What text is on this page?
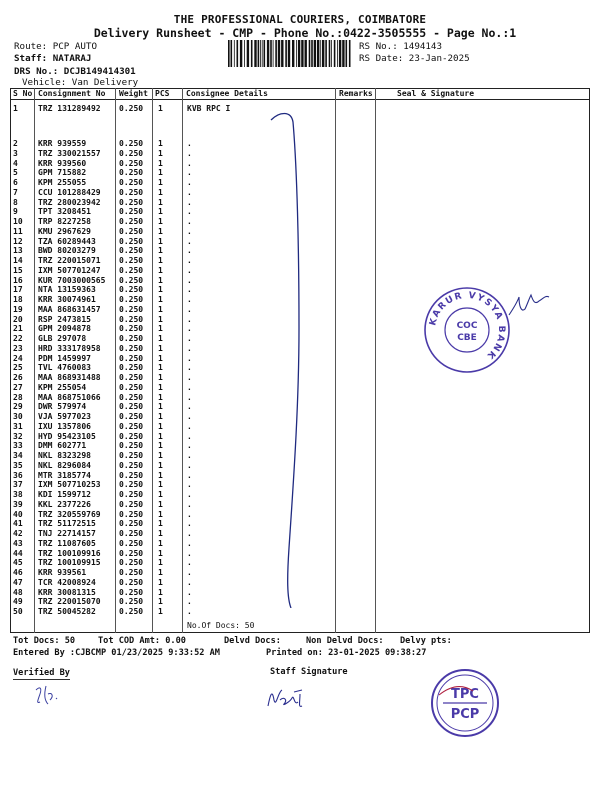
THE PROFESSIONAL COURIERS, COIMBATORE
Delivery Runsheet - CMP - Phone No.:0422-3505555 - Page No.:1
Route: PCP AUTO
Staff: NATARAJ
DRS No.: DCJB149414301
Vehicle: Van Delivery
RS No.: 1494143
RS Date: 23-Jan-2025
S No Consignment No Weight PCS Consignee Details	Remarks	Seal & Signature
1	TRZ 131289492 0.250 1	KVB RPC I
2	KRR 939559	0.250 1	.
3	TRZ 330021557 0.250 1	.
4	KRR 939560	0.250 1	.
5	GPM 715882	0.250 1	.
6	KPM 255055	0.250 1	.
7	CCU 101288429 0.250 1	.
8	TRZ 280023942 0.250 1	.
9	TPT 3208451	0.250 1	.
10 TRP 8227258	0.250 1	.
11 KMU 2967629	0.250 1	.
12 TZA 60289443	0.250 1	.
13 BWD 80203279	0.250 1	.
14 TRZ 220015071 0.250 1	.
15 IXM 507701247 0.250 1	.
16 KUR 7003000565 0.250 1	.
17 NTA 13159363	0.250 1	.
18 KRR 30074961	0.250 1	.
19 MAA 868631457 0.250 1	.
20 RSP 2473815	0.250 1	.
21 GPM 2094878	0.250 1	.
22 GLB 297078	0.250 1	.
23 HRD 333178958 0.250 1	.
24 PDM 1459997	0.250 1	.
25 TVL 4760083	0.250 1	.
26 MAA 868931488 0.250 1	.
27 KPM 255054	0.250 1	.
28 MAA 868751066 0.250 1	.
29 DWR 579974	0.250 1	.
30 VJA 5977023	0.250 1	.
31 IXU 1357806	0.250 1	.
32 HYD 95423105	0.250 1	.
33 DMM 602771	0.250 1	.
34 NKL 8323298	0.250 1	.
35 NKL 8296084	0.250 1	.
36 MTR 3185774	0.250 1	.
37 IXM 507710253 0.250 1	.
38 KDI 1599712	0.250 1	.
39 KKL 2377226	0.250 1	.
40 TRZ 320559769 0.250 1	.
41 TRZ 51172515	0.250 1	.
42 TNJ 22714157	0.250 1	.
43 TRZ 11087605	0.250 1	.
44 TRZ 100109916 0.250 1	.
45 TRZ 100109915 0.250 1	.
46 KRR 939561	0.250 1	.
47 TCR 42008924	0.250 1	.
48 KRR 30081315	0.250 1	.
49 TRZ 220015070 0.250 1	.
50 TRZ 50045282	0.250 1	.
No.Of Docs: 50
Tot Docs: 50	Tot COD Amt: 0.00	Delvd Docs:	Non Delvd Docs: Delvy pts:
Entered By :CJBCMP 01/23/2025 9:33:52 AM	Printed on: 23-01-2025 09:38:27
Verified By	Staff Signature
KARUR VYSYA BANK
COC
CBE
TPC
PCP
